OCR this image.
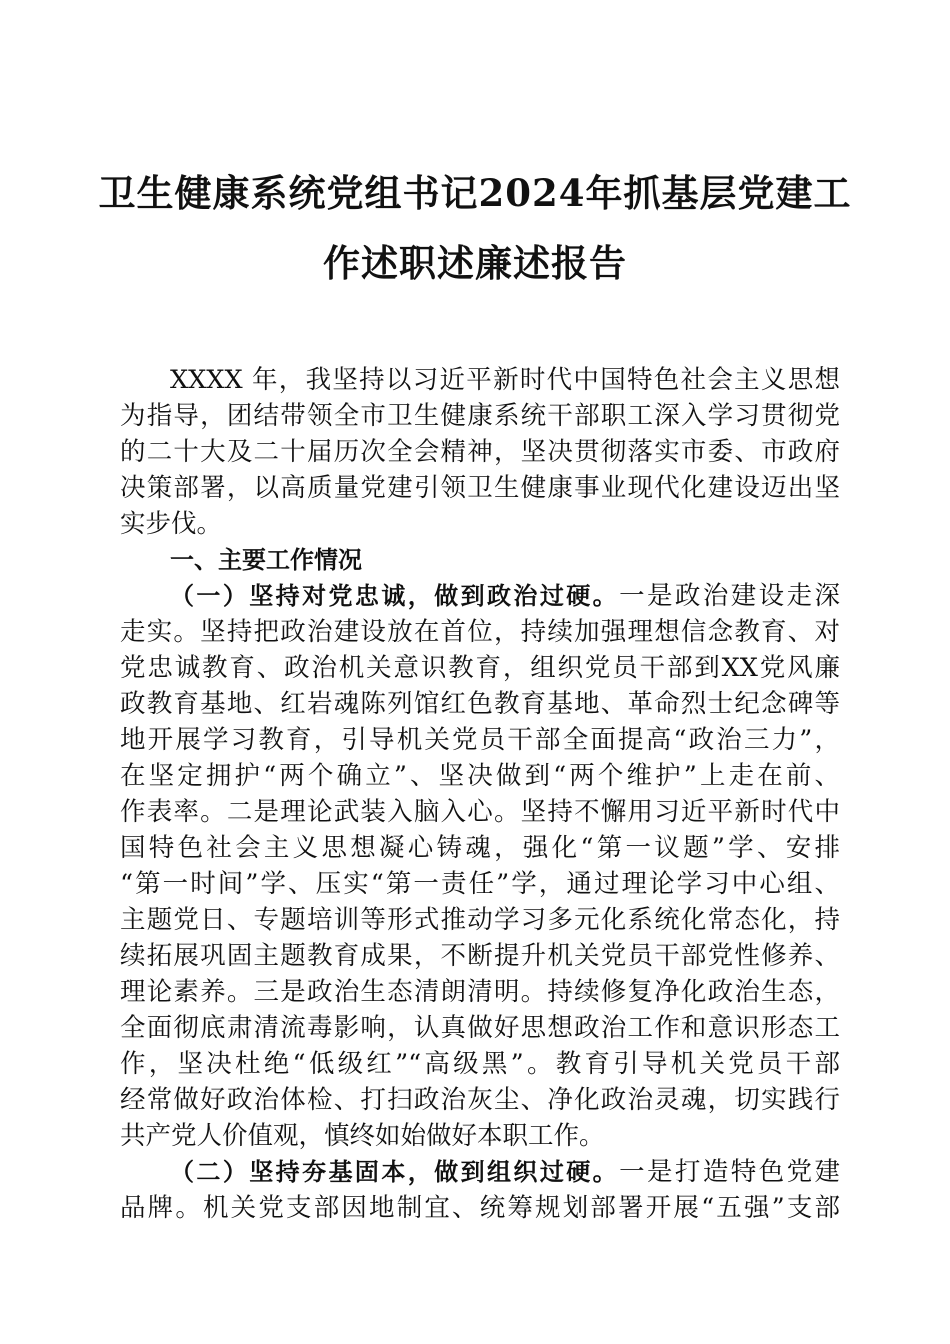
卫生健康系统党组书记2024年抓基层党建工
作述职述廉述报告
XXXX 年，我坚持以习近平新时代中国特色社会主义思想
为指导，团结带领全市卫生健康系统干部职工深入学习贯彻党
的二十大及二十届历次全会精神，坚决贯彻落实市委、市政府
决策部署，以高质量党建引领卫生健康事业现代化建设迈出坚
实步伐。
一、主要工作情况
（一）坚持对党忠诚，做到政治过硬。一是政治建设走深
走实。坚持把政治建设放在首位，持续加强理想信念教育、对
党忠诚教育、政治机关意识教育，组织党员干部到XX党风廉
政教育基地、红岩魂陈列馆红色教育基地、革命烈士纪念碑等
地开展学习教育，引导机关党员干部全面提高“政治三力”，
在坚定拥护“两个确立”、坚决做到“两个维护”上走在前、
作表率。二是理论武装入脑入心。坚持不懈用习近平新时代中
国特色社会主义思想凝心铸魂，强化“第一议题”学、安排
“第一时间”学、压实“第一责任”学，通过理论学习中心组、
主题党日、专题培训等形式推动学习多元化系统化常态化，持
续拓展巩固主题教育成果，不断提升机关党员干部党性修养、
理论素养。三是政治生态清朗清明。持续修复净化政治生态，
全面彻底肃清流毒影响，认真做好思想政治工作和意识形态工
作，坚决杜绝“低级红”“高级黑”。教育引导机关党员干部
经常做好政治体检、打扫政治灰尘、净化政治灵魂，切实践行
共产党人价值观，慎终如始做好本职工作。
（二）坚持夯基固本，做到组织过硬。一是打造特色党建
品牌。机关党支部因地制宜、统筹规划部署开展“五强”支部
